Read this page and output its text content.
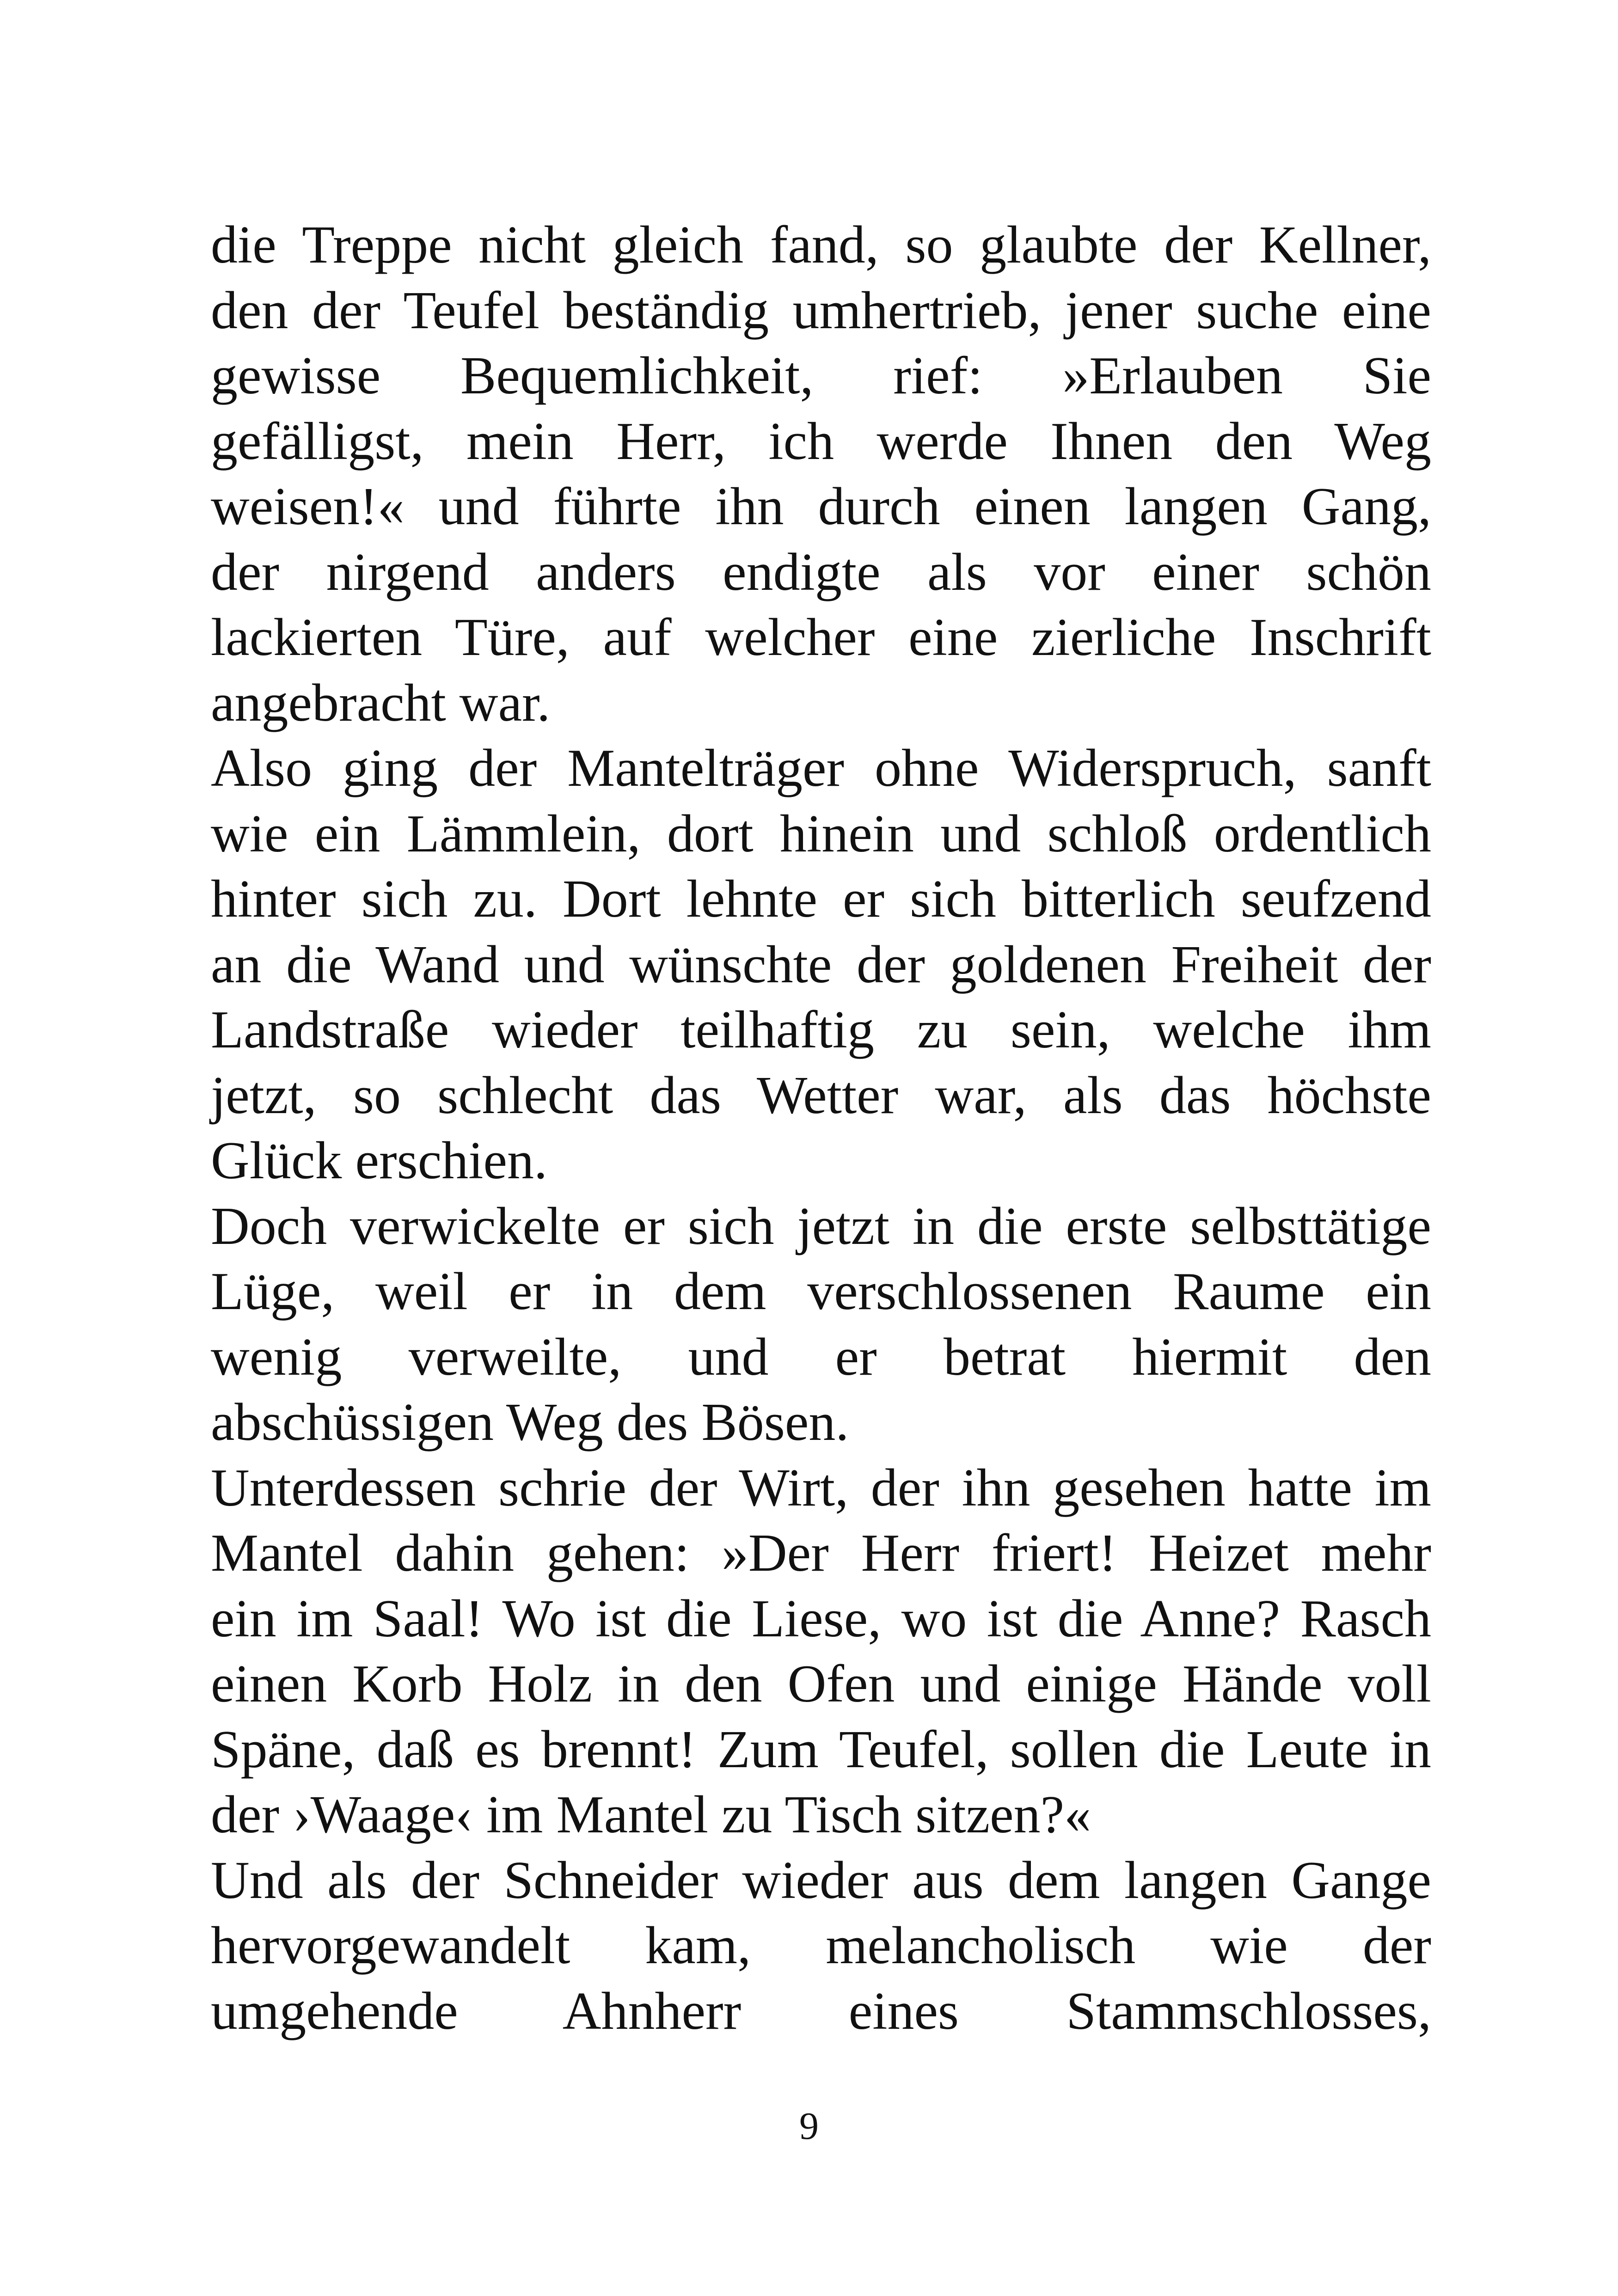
die Treppe nicht gleich fand, so glaubte der Kellner,
den der Teufel beständig umhertrieb, jener suche eine
gewisse Bequemlichkeit, rief: »Erlauben Sie
gefälligst, mein Herr, ich werde Ihnen den Weg
weisen!« und führte ihn durch einen langen Gang,
der nirgend anders endigte als vor einer schön
lackierten Türe, auf welcher eine zierliche Inschrift
angebracht war.
Also ging der Mantelträger ohne Widerspruch, sanft
wie ein Lämmlein, dort hinein und schloß ordentlich
hinter sich zu. Dort lehnte er sich bitterlich seufzend
an die Wand und wünschte der goldenen Freiheit der
Landstraße wieder teilhaftig zu sein, welche ihm
jetzt, so schlecht das Wetter war, als das höchste
Glück erschien.
Doch verwickelte er sich jetzt in die erste selbsttätige
Lüge, weil er in dem verschlossenen Raume ein
wenig verweilte, und er betrat hiermit den
abschüssigen Weg des Bösen.
Unterdessen schrie der Wirt, der ihn gesehen hatte im
Mantel dahin gehen: »Der Herr friert! Heizet mehr
ein im Saal! Wo ist die Liese, wo ist die Anne? Rasch
einen Korb Holz in den Ofen und einige Hände voll
Späne, daß es brennt! Zum Teufel, sollen die Leute in
der ›Waage‹ im Mantel zu Tisch sitzen?«
Und als der Schneider wieder aus dem langen Gange
hervorgewandelt kam, melancholisch wie der
umgehende Ahnherr eines Stammschlosses,
9
